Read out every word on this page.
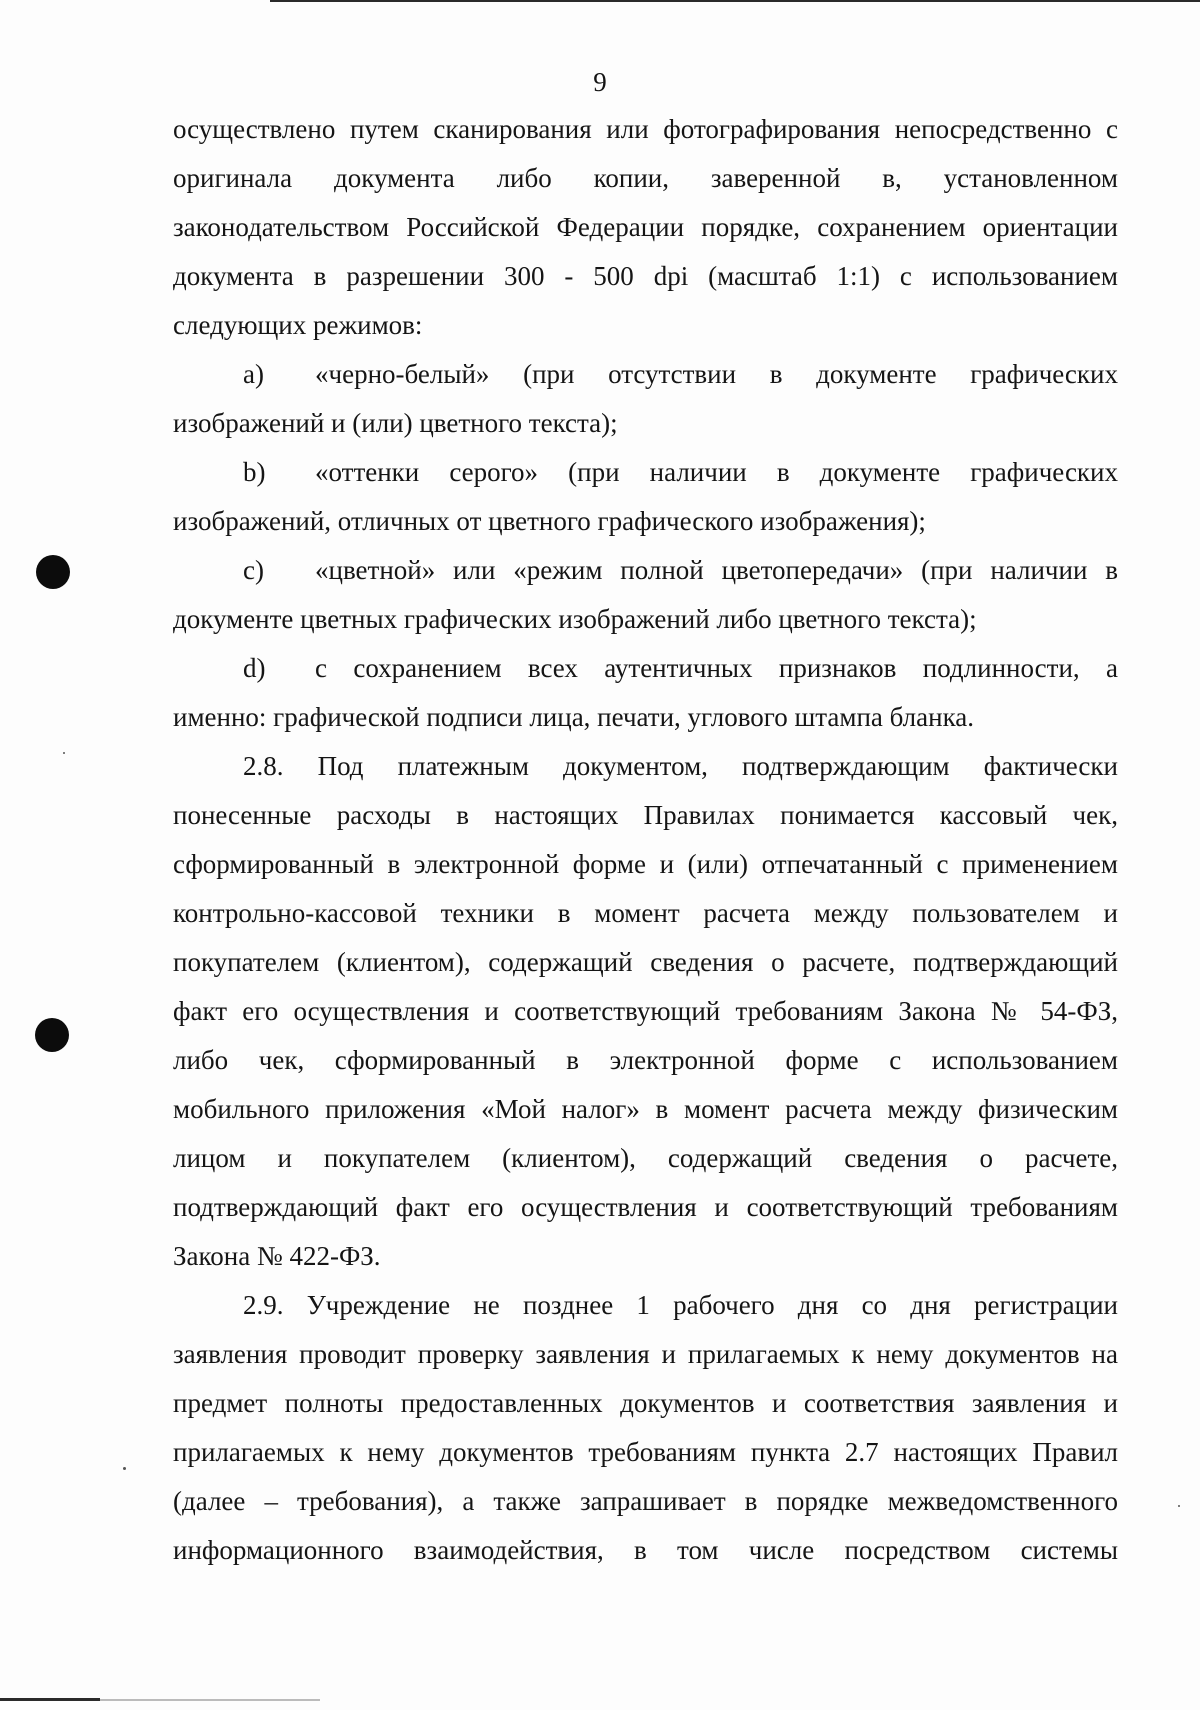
9
осуществлено путем сканирования или фотографирования непосредственно с
оригинала документа либо копии, заверенной в, установленном
законодательством Российской Федерации порядке, сохранением ориентации
документа в разрешении 300 - 500 dpi (масштаб 1:1) с использованием
следующих режимов:
a)	«черно-белый» (при отсутствии в документе графических
изображений и (или) цветного текста);
b)	«оттенки серого» (при наличии в документе графических
изображений, отличных от цветного графического изображения);
c)	«цветной» или «режим полной цветопередачи» (при наличии в
документе цветных графических изображений либо цветного текста);
d)	с сохранением всех аутентичных признаков подлинности, а
именно: графической подписи лица, печати, углового штампа бланка.
2.8. Под платежным документом, подтверждающим фактически
понесенные расходы в настоящих Правилах понимается кассовый чек,
сформированный в электронной форме и (или) отпечатанный с применением
контрольно-кассовой техники в момент расчета между пользователем и
покупателем (клиентом), содержащий сведения о расчете, подтверждающий
факт его осуществления и соответствующий требованиям Закона № 54-ФЗ,
либо чек, сформированный в электронной форме с использованием
мобильного приложения «Мой налог» в момент расчета между физическим
лицом и покупателем (клиентом), содержащий сведения о расчете,
подтверждающий факт его осуществления и соответствующий требованиям
Закона № 422-ФЗ.
2.9. Учреждение не позднее 1 рабочего дня со дня регистрации
заявления проводит проверку заявления и прилагаемых к нему документов на
предмет полноты предоставленных документов и соответствия заявления и
прилагаемых к нему документов требованиям пункта 2.7 настоящих Правил
(далее – требования), а также запрашивает в порядке межведомственного
информационного взаимодействия, в том числе посредством системы
